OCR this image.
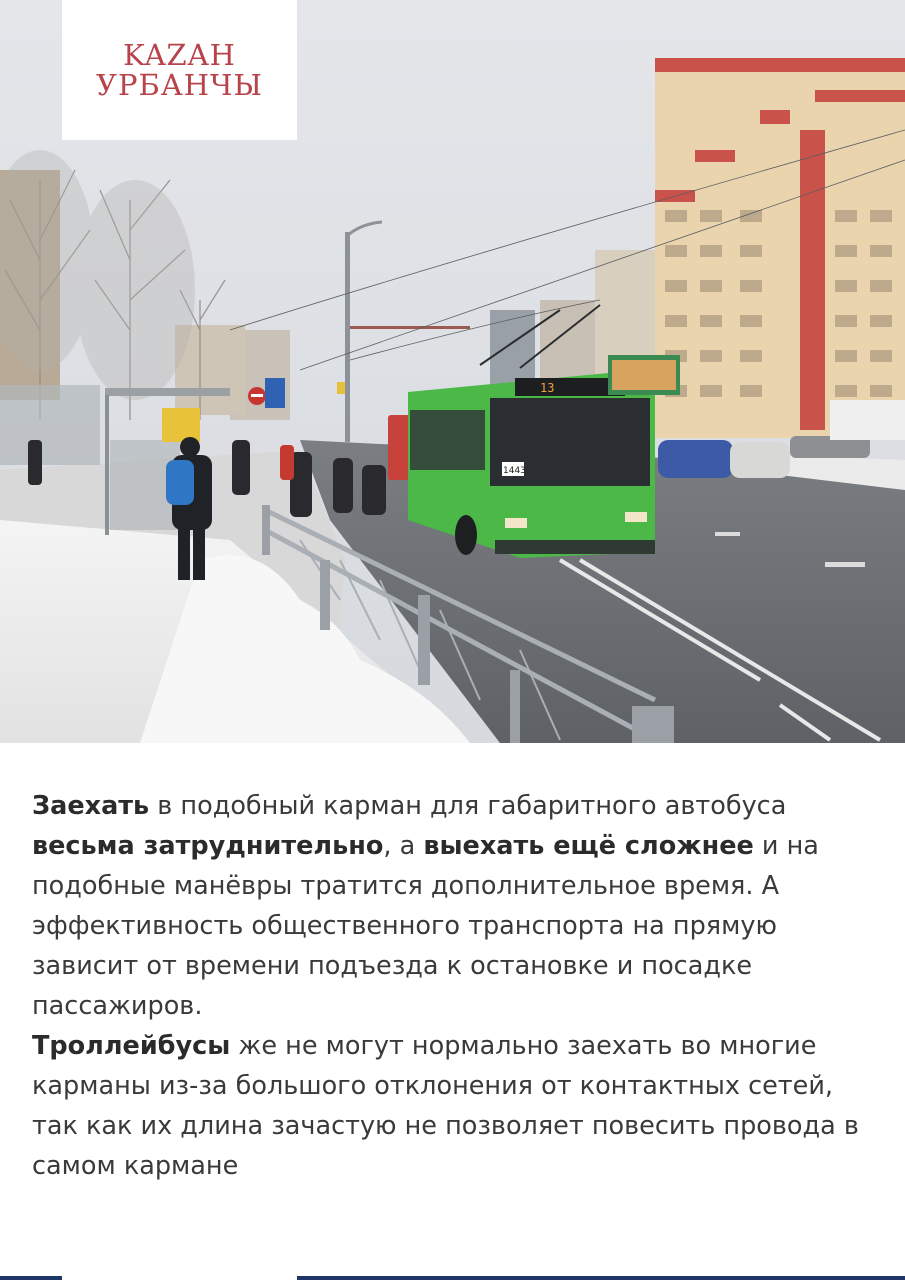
13
1443
KAZAH
УРБАНЧЫ

Заехать в подобный карман для габаритного автобуса весьма затруднительно, а выехать ещё сложнее и на подобные манёвры тратится дополнительное время. А эффективность общественного транспорта на прямую зависит от времени подъезда к остановке и посадке пассажиров.

Троллейбусы же не могут нормально заехать во многие карманы из-за большого отклонения от контактных сетей, так как их длина зачастую не позволяет повесить провода в самом кармане
